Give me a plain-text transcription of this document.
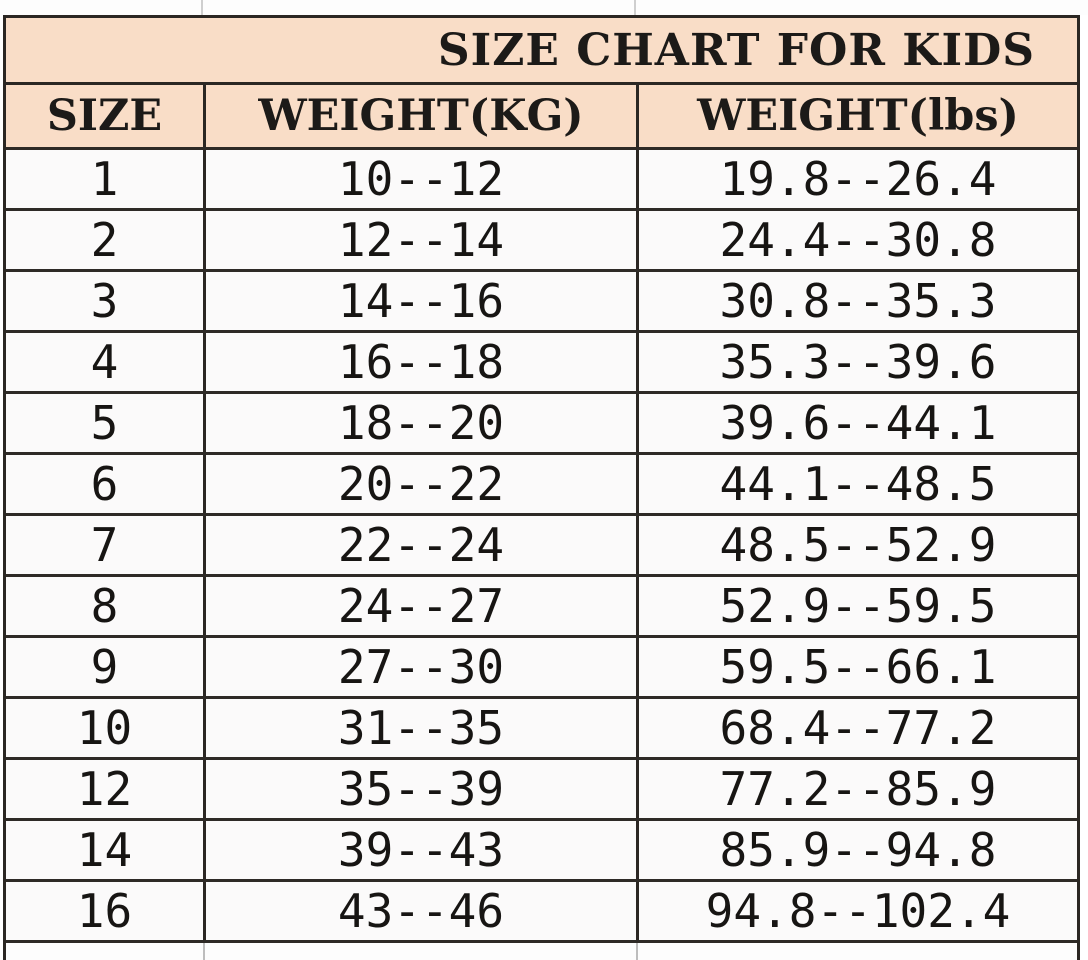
SIZE CHART FOR KIDS
SIZE	WEIGHT(KG)	WEIGHT(lbs)
1	10--12	19.8--26.4
2	12--14	24.4--30.8
3	14--16	30.8--35.3
4	16--18	35.3--39.6
5	18--20	39.6--44.1
6	20--22	44.1--48.5
7	22--24	48.5--52.9
8	24--27	52.9--59.5
9	27--30	59.5--66.1
10	31--35	68.4--77.2
12	35--39	77.2--85.9
14	39--43	85.9--94.8
16	43--46	94.8--102.4
